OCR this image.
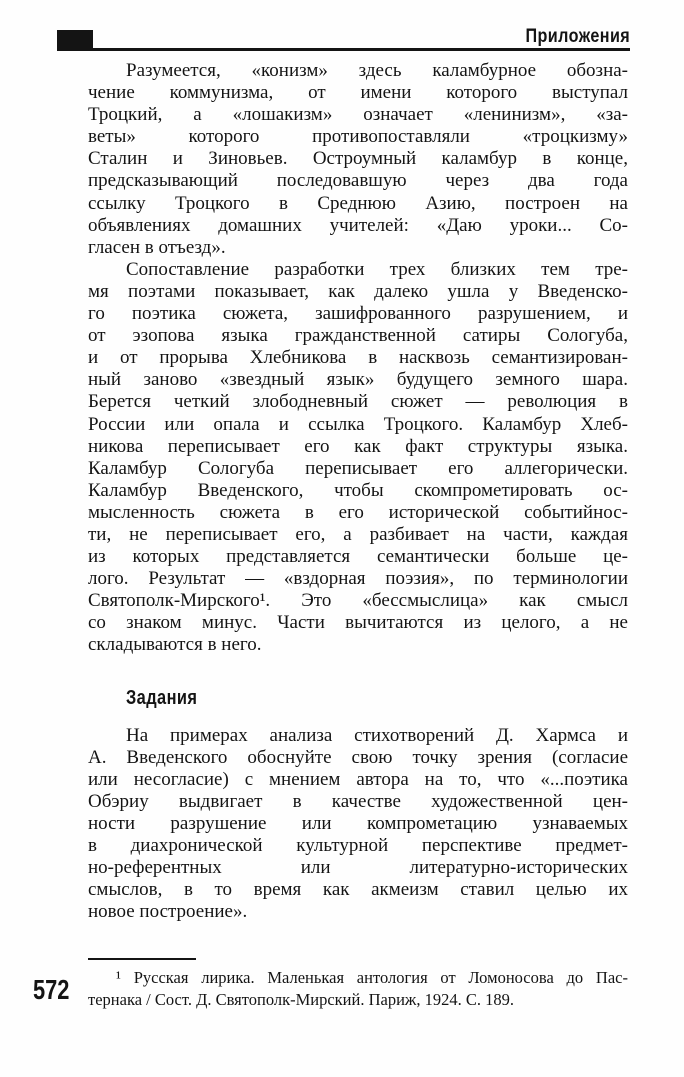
Приложения
Разумеется, «конизм» здесь каламбурное обозна-
чение коммунизма, от имени которого выступал
Троцкий, а «лошакизм» означает «ленинизм», «за-
веты» которого противопоставляли «троцкизму»
Сталин и Зиновьев. Остроумный каламбур в конце,
предсказывающий последовавшую через два года
ссылку Троцкого в Среднюю Азию, построен на
объявлениях домашних учителей: «Даю уроки... Со-
гласен в отъезд».
Сопоставление разработки трех близких тем тре-
мя поэтами показывает, как далеко ушла у Введенско-
го поэтика сюжета, зашифрованного разрушением, и
от эзопова языка гражданственной сатиры Сологуба,
и от прорыва Хлебникова в насквозь семантизирован-
ный заново «звездный язык» будущего земного шара.
Берется четкий злободневный сюжет — революция в
России или опала и ссылка Троцкого. Каламбур Хлеб-
никова переписывает его как факт структуры языка.
Каламбур Сологуба переписывает его аллегорически.
Каламбур Введенского, чтобы скомпрометировать ос-
мысленность сюжета в его исторической событийнос-
ти, не переписывает его, а разбивает на части, каждая
из которых представляется семантически больше це-
лого. Результат — «вздорная поэзия», по терминологии
Святополк-Мирского¹. Это «бессмыслица» как смысл
со знаком минус. Части вычитаются из целого, а не
складываются в него.
Задания
На примерах анализа стихотворений Д. Хармса и
А. Введенского обоснуйте свою точку зрения (согласие
или несогласие) с мнением автора на то, что «...поэтика
Обэриу выдвигает в качестве художественной цен-
ности разрушение или компрометацию узнаваемых
в диахронической культурной перспективе предмет-
но-референтных или литературно-исторических
смыслов, в то время как акмеизм ставил целью их
новое построение».
¹ Русская лирика. Маленькая антология от Ломоносова до Пас-
тернака / Сост. Д. Святополк-Мирский. Париж, 1924. С. 189.
572
